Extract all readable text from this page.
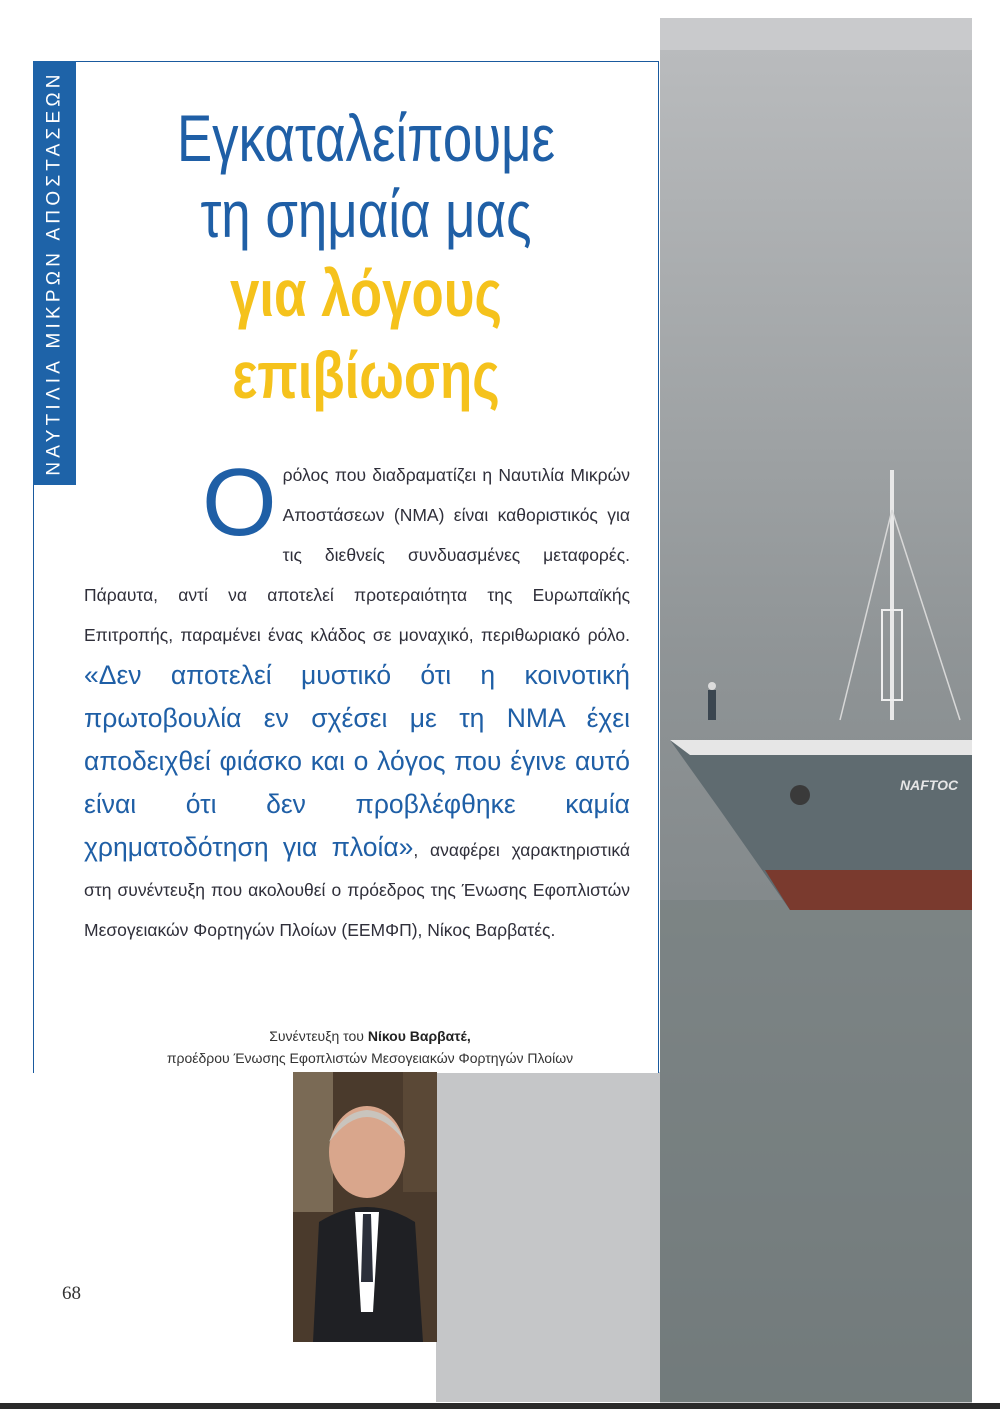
NAFTOC
ΝΑΥΤΙΛΙΑ ΜΙΚΡΩΝ ΑΠΟΣΤΑΣΕΩΝ	Εγκαταλείπουμε
τη σημαία μας
για λόγους επιβίωσης
Ο ρόλος που διαδραματίζει η Ναυτιλία Μικρών Αποστάσεων (ΝΜΑ) είναι καθοριστικός για τις διεθνείς συνδυασμένες μεταφορές. Πάραυτα, αντί να αποτελεί προτεραιότητα της Ευρωπαϊκής Επιτροπής, παραμένει ένας κλάδος σε μοναχικό, περιθωριακό ρόλο. «Δεν αποτελεί μυστικό ότι η κοινοτική πρωτοβουλία εν σχέσει με τη ΝΜΑ έχει αποδειχθεί φιάσκο και ο λόγος που έγινε αυτό είναι ότι δεν προβλέφθηκε καμία χρηματοδότηση για πλοία», αναφέρει χαρακτηριστικά στη συνέντευξη που ακολουθεί ο πρόεδρος της Ένωσης Εφοπλιστών Μεσογειακών Φορτηγών Πλοίων (ΕΕΜΦΠ), Νίκος Βαρβατές.
Συνέντευξη του Νίκου Βαρβατέ,
προέδρου Ένωσης Εφοπλιστών Μεσογειακών Φορτηγών Πλοίων
68
